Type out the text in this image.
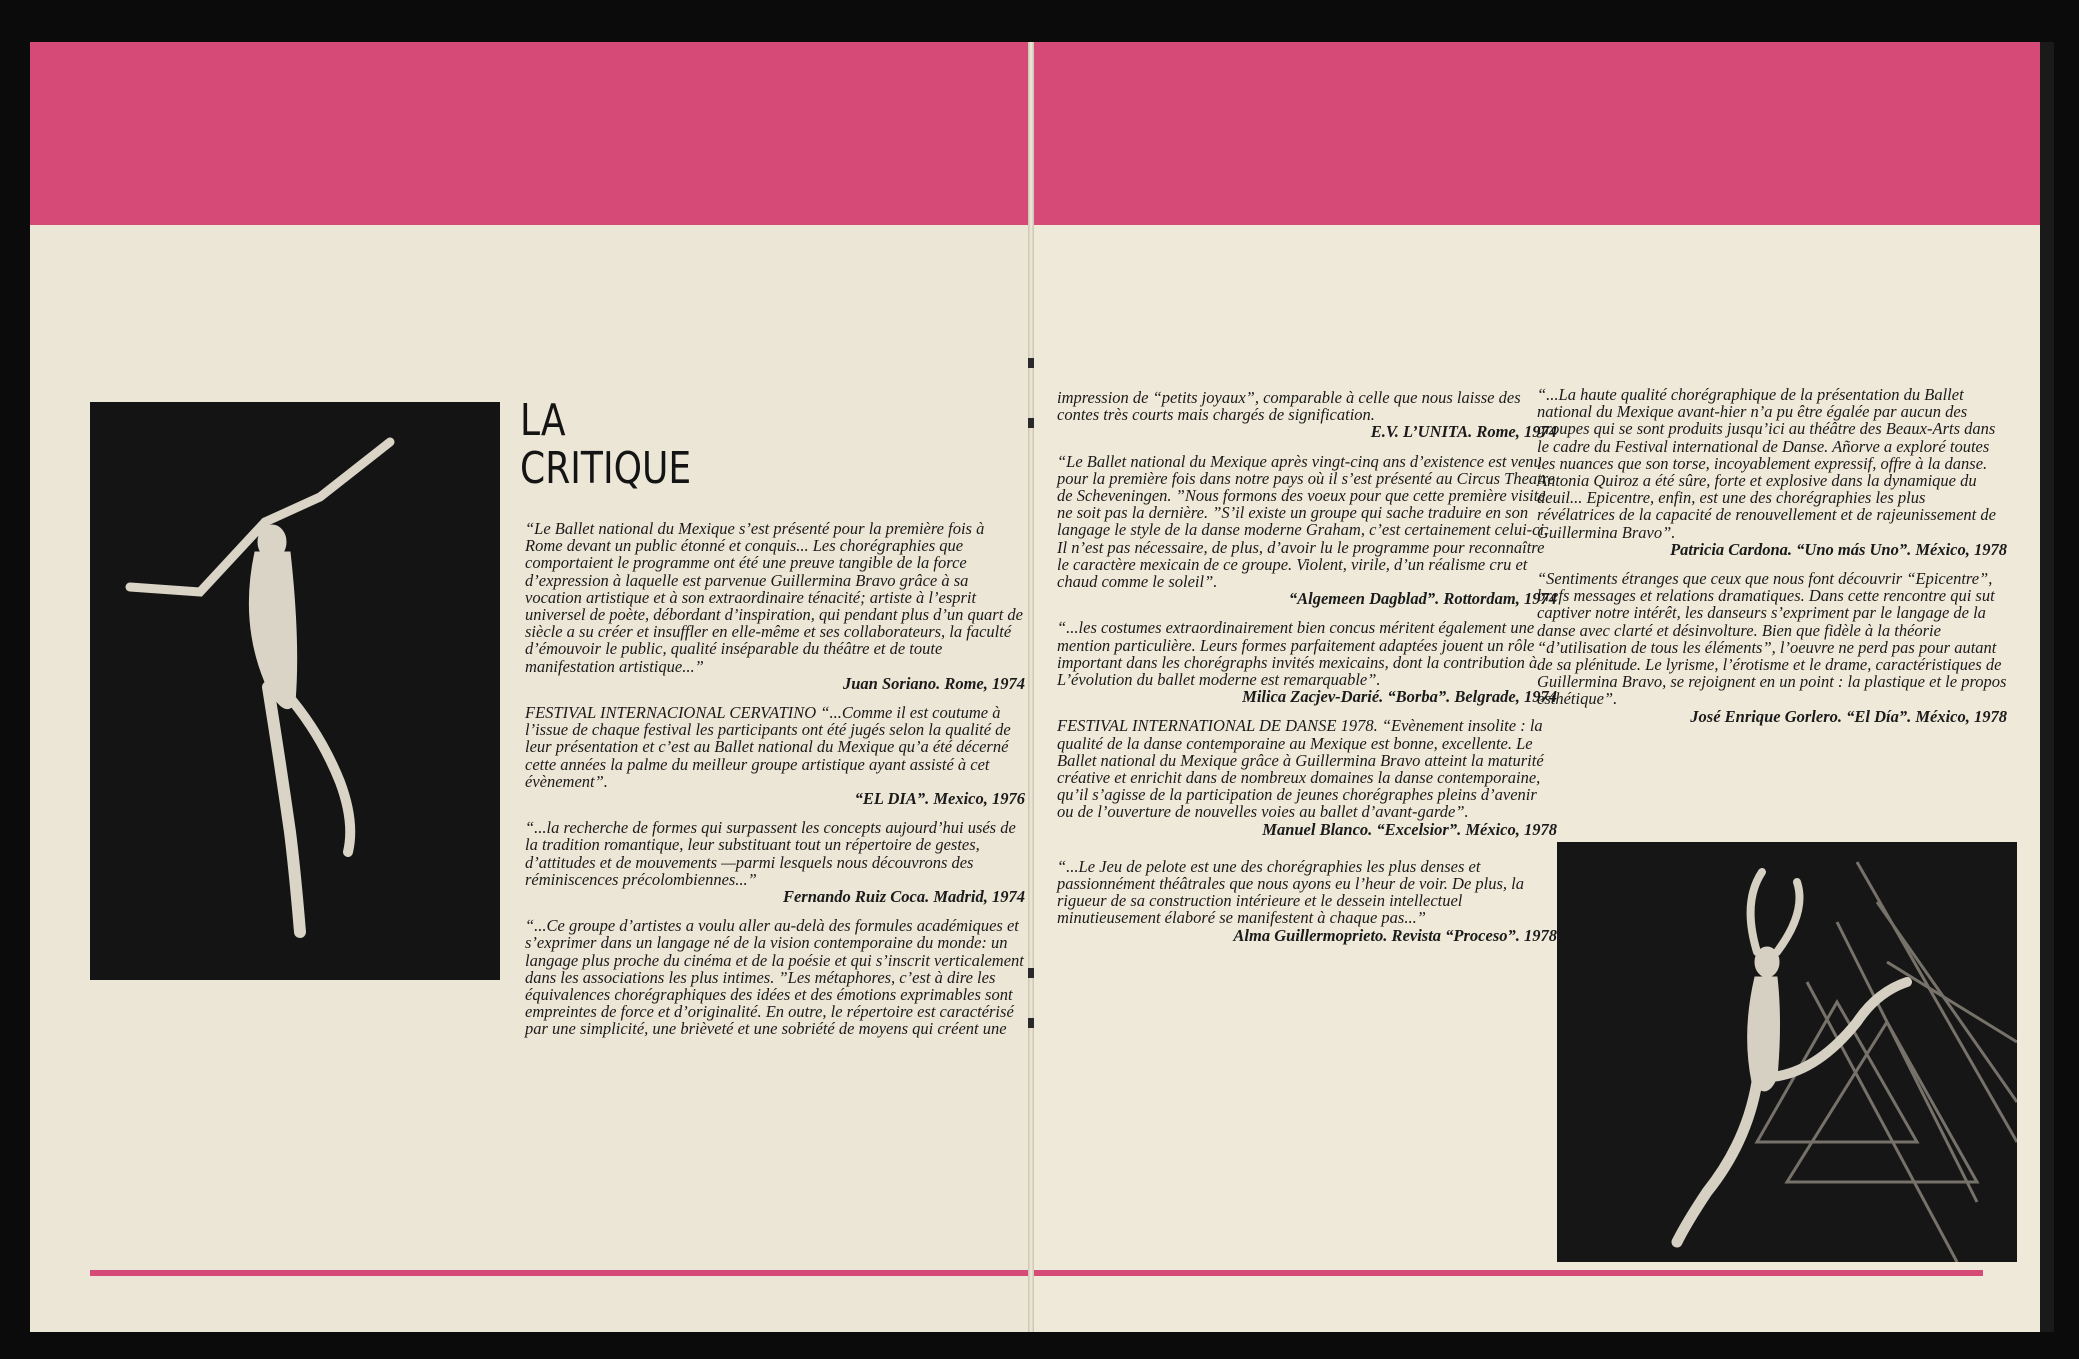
LA
CRITIQUE

“Le Ballet national du Mexique s’est présenté pour la première fois à Rome devant un public étonné et conquis... Les chorégraphies que comportaient le programme ont été une preuve tangible de la force d’expression à laquelle est parvenue Guillermina Bravo grâce à sa vocation artistique et à son extraordinaire ténacité; artiste à l’esprit universel de poète, débordant d’inspiration, qui pendant plus d’un quart de siècle a su créer et insuffler en elle-même et ses collaborateurs, la faculté d’émouvoir le public, qualité inséparable du théâtre et de toute manifestation artistique...”

Juan Soriano. Rome, 1974

FESTIVAL INTERNACIONAL CERVATINO “...Comme il est coutume à l’issue de chaque festival les participants ont été jugés selon la qualité de leur présentation et c’est au Ballet national du Mexique qu’a été décerné cette années la palme du meilleur groupe artistique ayant assisté à cet évènement”.

“EL DIA”. Mexico, 1976

“...la recherche de formes qui surpassent les concepts aujourd’hui usés de la tradition romantique, leur substituant tout un répertoire de gestes, d’attitudes et de mouvements —parmi lesquels nous découvrons des réminiscences précolombiennes...”

Fernando Ruiz Coca. Madrid, 1974

“...Ce groupe d’artistes a voulu aller au-delà des formules académiques et s’exprimer dans un langage né de la vision contemporaine du monde: un langage plus proche du cinéma et de la poésie et qui s’inscrit verticalement dans les associations les plus intimes. ”Les métaphores, c’est à dire les équivalences chorégraphiques des idées et des émotions exprimables sont empreintes de force et d’originalité. En outre, le répertoire est caractérisé par une simplicité, une brièveté et une sobriété de moyens qui créent une

impression de “petits joyaux”, comparable à celle que nous laisse des contes très courts mais chargés de signification.

E.V. L’UNITA. Rome, 1974

“Le Ballet national du Mexique après vingt-cinq ans d’existence est venu pour la première fois dans notre pays où il s’est présenté au Circus Theatre de Scheveningen. ”Nous formons des voeux pour que cette première visite ne soit pas la dernière. ”S’il existe un groupe qui sache traduire en son langage le style de la danse moderne Graham, c’est certainement celui-ci. Il n’est pas nécessaire, de plus, d’avoir lu le programme pour reconnaître le caractère mexicain de ce groupe. Violent, virile, d’un réalisme cru et chaud comme le soleil”.

“Algemeen Dagblad”. Rottordam, 1974

“...les costumes extraordinairement bien concus méritent également une mention particulière. Leurs formes parfaitement adaptées jouent un rôle important dans les chorégraphs invités mexicains, dont la contribution à L’évolution du ballet moderne est remarquable”.

Milica Zacjev-Darié. “Borba”. Belgrade, 1974

FESTIVAL INTERNATIONAL DE DANSE 1978. “Evènement insolite : la qualité de la danse contemporaine au Mexique est bonne, excellente. Le Ballet national du Mexique grâce à Guillermina Bravo atteint la maturité créative et enrichit dans de nombreux domaines la danse contemporaine, qu’il s’agisse de la participation de jeunes chorégraphes pleins d’avenir ou de l’ouverture de nouvelles voies au ballet d’avant-garde”.

Manuel Blanco. “Excelsior”. México, 1978

“...Le Jeu de pelote est une des chorégraphies les plus denses et passionnément théâtrales que nous ayons eu l’heur de voir. De plus, la rigueur de sa construction intérieure et le dessein intellectuel minutieusement élaboré se manifestent à chaque pas...”

Alma Guillermoprieto. Revista “Proceso”. 1978

“...La haute qualité chorégraphique de la présentation du Ballet national du Mexique avant-hier n’a pu être égalée par aucun des groupes qui se sont produits jusqu’ici au théâtre des Beaux-Arts dans le cadre du Festival international de Danse. Añorve a exploré toutes les nuances que son torse, incoyablement expressif, offre à la danse. Antonia Quiroz a été sûre, forte et explosive dans la dynamique du deuil... Epicentre, enfin, est une des chorégraphies les plus révélatrices de la capacité de renouvellement et de rajeunissement de Guillermina Bravo”.

Patricia Cardona. “Uno más Uno”. México, 1978

“Sentiments étranges que ceux que nous font découvrir “Epicentre”, brefs messages et relations dramatiques. Dans cette rencontre qui sut captiver notre intérêt, les danseurs s’expriment par le langage de la danse avec clarté et désinvolture. Bien que fidèle à la théorie “d’utilisation de tous les éléments”, l’oeuvre ne perd pas pour autant de sa plénitude. Le lyrisme, l’érotisme et le drame, caractéristiques de Guillermina Bravo, se rejoignent en un point : la plastique et le propos esthétique”.

José Enrique Gorlero. “El Día”. México, 1978
